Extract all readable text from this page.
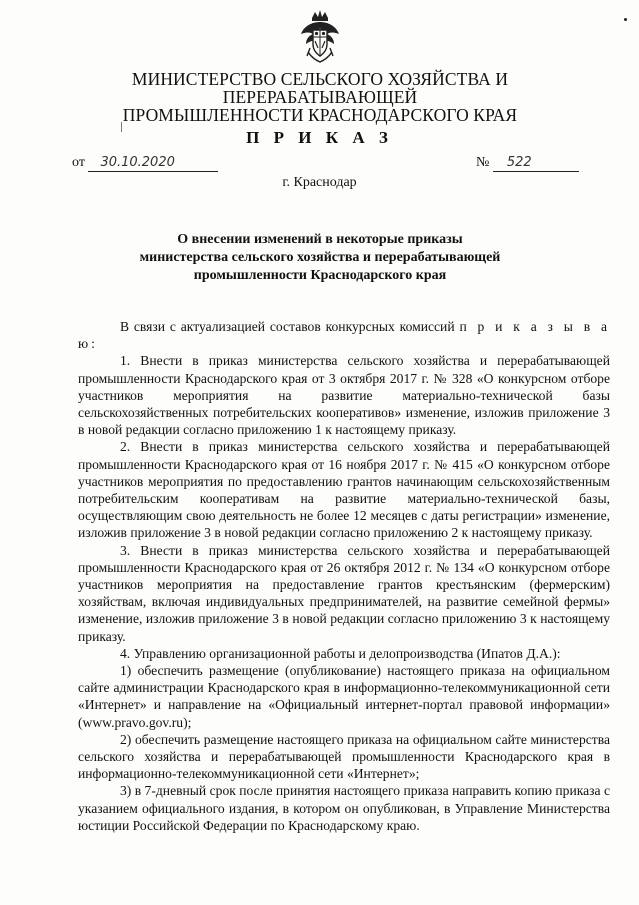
МИНИСТЕРСТВО СЕЛЬСКОГО ХОЗЯЙСТВА И ПЕРЕРАБАТЫВАЮЩЕЙ
ПРОМЫШЛЕННОСТИ КРАСНОДАРСКОГО КРАЯ
П Р И К А З
от 30.10.2020	№ 522
г. Краснодар
О внесении изменений в некоторые приказы
министерства сельского хозяйства и перерабатывающей
промышленности Краснодарского края

В связи с актуализацией составов конкурсных комиссий п р и к а з ы в а ю:

1. Внести в приказ министерства сельского хозяйства и перерабатывающей промышленности Краснодарского края от 3 октября 2017 г. № 328 «О конкурсном отборе участников мероприятия на развитие материально-технической базы сельскохозяйственных потребительских кооперативов» изменение, изложив приложение 3 в новой редакции согласно приложению 1 к настоящему приказу.

2. Внести в приказ министерства сельского хозяйства и перерабатывающей промышленности Краснодарского края от 16 ноября 2017 г. № 415 «О конкурсном отборе участников мероприятия по предоставлению грантов начинающим сельскохозяйственным потребительским кооперативам на развитие материально-технической базы, осуществляющим свою деятельность не более 12 месяцев с даты регистрации» изменение, изложив приложение 3 в новой редакции согласно приложению 2 к настоящему приказу.

3. Внести в приказ министерства сельского хозяйства и перерабатывающей промышленности Краснодарского края от 26 октября 2012 г. № 134 «О конкурсном отборе участников мероприятия на предоставление грантов крестьянским (фермерским) хозяйствам, включая индивидуальных предпринимателей, на развитие семейной фермы» изменение, изложив приложение 3 в новой редакции согласно приложению 3 к настоящему приказу.

4. Управлению организационной работы и делопроизводства (Ипатов Д.А.):

1) обеспечить размещение (опубликование) настоящего приказа на официальном сайте администрации Краснодарского края в информационно-телекоммуникационной сети «Интернет» и направление на «Официальный интернет-портал правовой информации» (www.pravo.gov.ru);

2) обеспечить размещение настоящего приказа на официальном сайте министерства сельского хозяйства и перерабатывающей промышленности Краснодарского края в информационно-телекоммуникационной сети «Интернет»;

3) в 7-дневный срок после принятия настоящего приказа направить копию приказа с указанием официального издания, в котором он опубликован, в Управление Министерства юстиции Российской Федерации по Краснодарскому краю.
